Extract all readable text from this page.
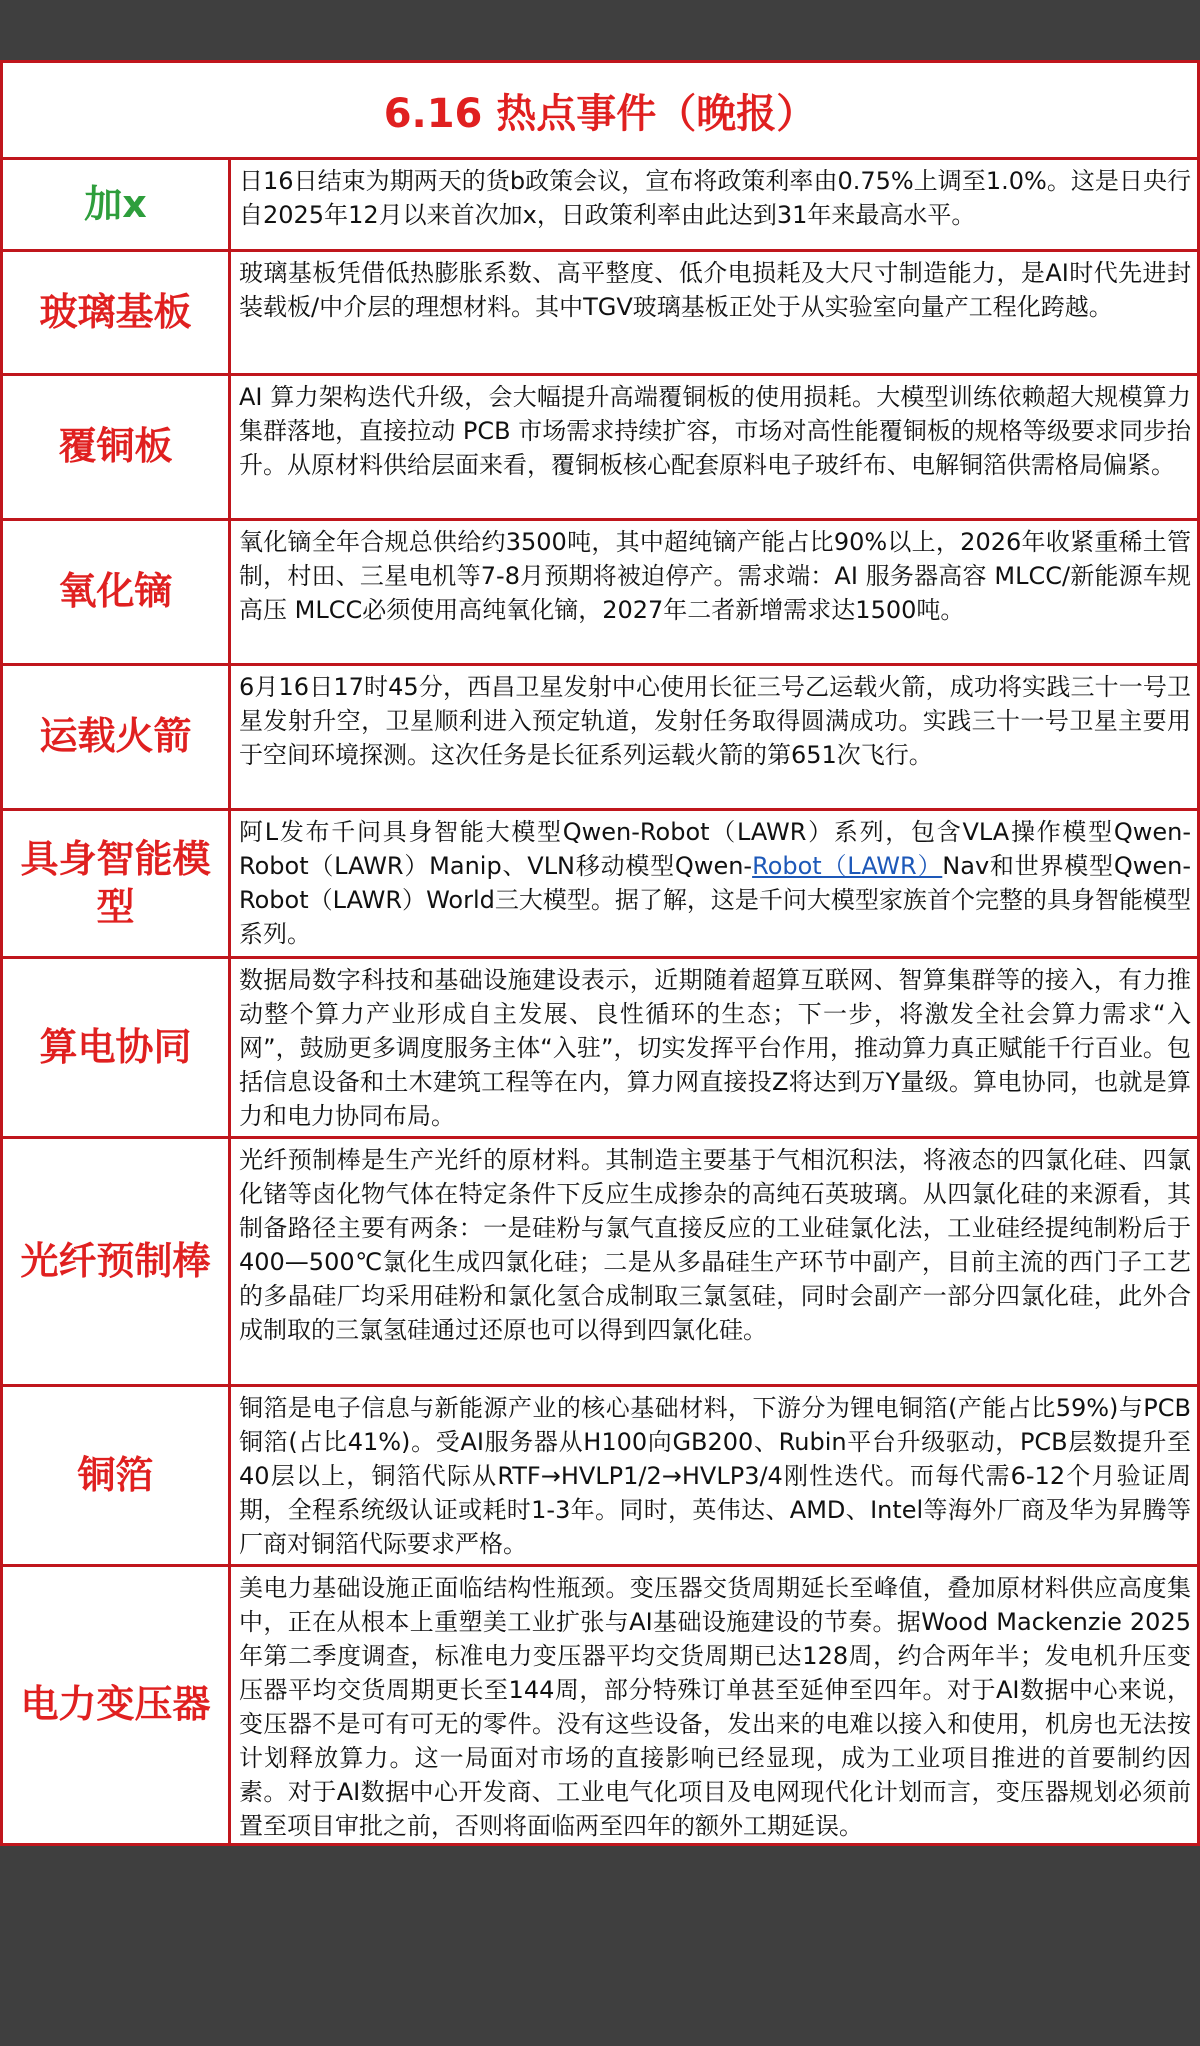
6.16 热点事件（晚报）
加x
日16日结束为期两天的货b政策会议，宣布将政策利率由0.75%上调至1.0%。这是日央行自2025年12月以来首次加x，日政策利率由此达到31年来最高水平。
玻璃基板
玻璃基板凭借低热膨胀系数、高平整度、低介电损耗及大尺寸制造能力，是AI时代先进封装载板/中介层的理想材料。其中TGV玻璃基板正处于从实验室向量产工程化跨越。
覆铜板
AI 算力架构迭代升级，会大幅提升高端覆铜板的使用损耗。大模型训练依赖超大规模算力集群落地，直接拉动 PCB 市场需求持续扩容，市场对高性能覆铜板的规格等级要求同步抬升。从原材料供给层面来看，覆铜板核心配套原料电子玻纤布、电解铜箔供需格局偏紧。
氧化镝
氧化镝全年合规总供给约3500吨，其中超纯镝产能占比90%以上，2026年收紧重稀土管制，村田、三星电机等7-8月预期将被迫停产。需求端：AI 服务器高容 MLCC/新能源车规高压 MLCC必须使用高纯氧化镝，2027年二者新增需求达1500吨。
运载火箭
6月16日17时45分，西昌卫星发射中心使用长征三号乙运载火箭，成功将实践三十一号卫星发射升空，卫星顺利进入预定轨道，发射任务取得圆满成功。实践三十一号卫星主要用于空间环境探测。这次任务是长征系列运载火箭的第651次飞行。
具身智能模型
阿L发布千问具身智能大模型Qwen-Robot（LAWR）系列，包含VLA操作模型Qwen-Robot（LAWR）Manip、VLN移动模型Qwen-Robot（LAWR）Nav和世界模型Qwen-Robot（LAWR）World三大模型。据了解，这是千问大模型家族首个完整的具身智能模型系列。
算电协同
数据局数字科技和基础设施建设表示，近期随着超算互联网、智算集群等的接入，有力推动整个算力产业形成自主发展、良性循环的生态；下一步，将激发全社会算力需求“入网”，鼓励更多调度服务主体“入驻”，切实发挥平台作用，推动算力真正赋能千行百业。包括信息设备和土木建筑工程等在内，算力网直接投Z将达到万Y量级。算电协同，也就是算力和电力协同布局。
光纤预制棒
光纤预制棒是生产光纤的原材料。其制造主要基于气相沉积法，将液态的四氯化硅、四氯化锗等卤化物气体在特定条件下反应生成掺杂的高纯石英玻璃。从四氯化硅的来源看，其制备路径主要有两条：一是硅粉与氯气直接反应的工业硅氯化法，工业硅经提纯制粉后于400—500℃氯化生成四氯化硅；二是从多晶硅生产环节中副产，目前主流的西门子工艺的多晶硅厂均采用硅粉和氯化氢合成制取三氯氢硅，同时会副产一部分四氯化硅，此外合成制取的三氯氢硅通过还原也可以得到四氯化硅。
铜箔
铜箔是电子信息与新能源产业的核心基础材料，下游分为锂电铜箔(产能占比59%)与PCB铜箔(占比41%)。受AI服务器从H100向GB200、Rubin平台升级驱动，PCB层数提升至40层以上，铜箔代际从RTF→HVLP1/2→HVLP3/4刚性迭代。而每代需6-12个月验证周期，全程系统级认证或耗时1-3年。同时，英伟达、AMD、Intel等海外厂商及华为昇腾等厂商对铜箔代际要求严格。
电力变压器
美电力基础设施正面临结构性瓶颈。变压器交货周期延长至峰值，叠加原材料供应高度集中，正在从根本上重塑美工业扩张与AI基础设施建设的节奏。据Wood Mackenzie 2025年第二季度调查，标准电力变压器平均交货周期已达128周，约合两年半；发电机升压变压器平均交货周期更长至144周，部分特殊订单甚至延伸至四年。对于AI数据中心来说，变压器不是可有可无的零件。没有这些设备，发出来的电难以接入和使用，机房也无法按计划释放算力。这一局面对市场的直接影响已经显现，成为工业项目推进的首要制约因素。对于AI数据中心开发商、工业电气化项目及电网现代化计划而言，变压器规划必须前置至项目审批之前，否则将面临两至四年的额外工期延误。
